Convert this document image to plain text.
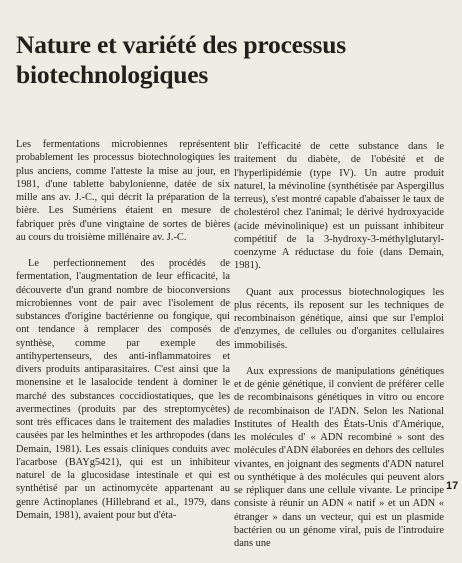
Nature et variété des processus biotechnologiques

Les fermentations microbiennes représentent probablement les processus biotechnologiques les plus anciens, comme l'atteste la mise au jour, en 1981, d'une tablette babylonienne, datée de six mille ans av. J.-C., qui décrit la préparation de la bière. Les Sumériens étaient en mesure de fabriquer près d'une vingtaine de sortes de bières au cours du troisième millénaire av. J.-C.

Le perfectionnement des procédés de fermentation, l'augmentation de leur efficacité, la découverte d'un grand nombre de bioconversions microbiennes vont de pair avec l'isolement de substances d'origine bactérienne ou fongique, qui ont tendance à remplacer des composés de synthèse, comme par exemple des antihypertenseurs, des anti-inflammatoires et divers produits antiparasitaires. C'est ainsi que la monensine et le lasalocide tendent à dominer le marché des substances coccidiostatiques, que les avermectines (produits par des streptomycètes) sont très efficaces dans le traitement des maladies causées par les helminthes et les arthropodes (dans Demain, 1981). Les essais cliniques conduits avec l'acarbose (BAYg5421), qui est un inhibiteur naturel de la glucosidase intestinale et qui est synthétisé par un actinomycète appartenant au genre Actinoplanes (Hillebrand et al., 1979, dans Demain, 1981), avaient pour but d'éta-

blir l'efficacité de cette substance dans le traitement du diabète, de l'obésité et de l'hyperlipidémie (type IV). Un autre produit naturel, la mévinoline (synthétisée par Aspergillus terreus), s'est montré capable d'abaisser le taux de cholestérol chez l'animal; le dérivé hydroxyacide (acide mévinolinique) est un puissant inhibiteur compétitif de la 3-hydroxy-3-méthylglutaryl-coenzyme A réductase du foie (dans Demain, 1981).

Quant aux processus biotechnologiques les plus récents, ils reposent sur les techniques de recombinaison génétique, ainsi que sur l'emploi d'enzymes, de cellules ou d'organites cellulaires immobilisés.

Aux expressions de manipulations génétiques et de génie génétique, il convient de préférer celle de recombinaisons génétiques in vitro ou encore de recombinaison de l'ADN. Selon les National Institutes of Health des États-Unis d'Amérique, les molécules d' « ADN recombiné » sont des molécules d'ADN élaborées en dehors des cellules vivantes, en joignant des segments d'ADN naturel ou synthétique à des molécules qui peuvent alors se répliquer dans une cellule vivante. Le principe consiste à réunir un ADN « natif » et un ADN « étranger » dans un vecteur, qui est un plasmide bactérien ou un génome viral, puis de l'introduire dans une

17
